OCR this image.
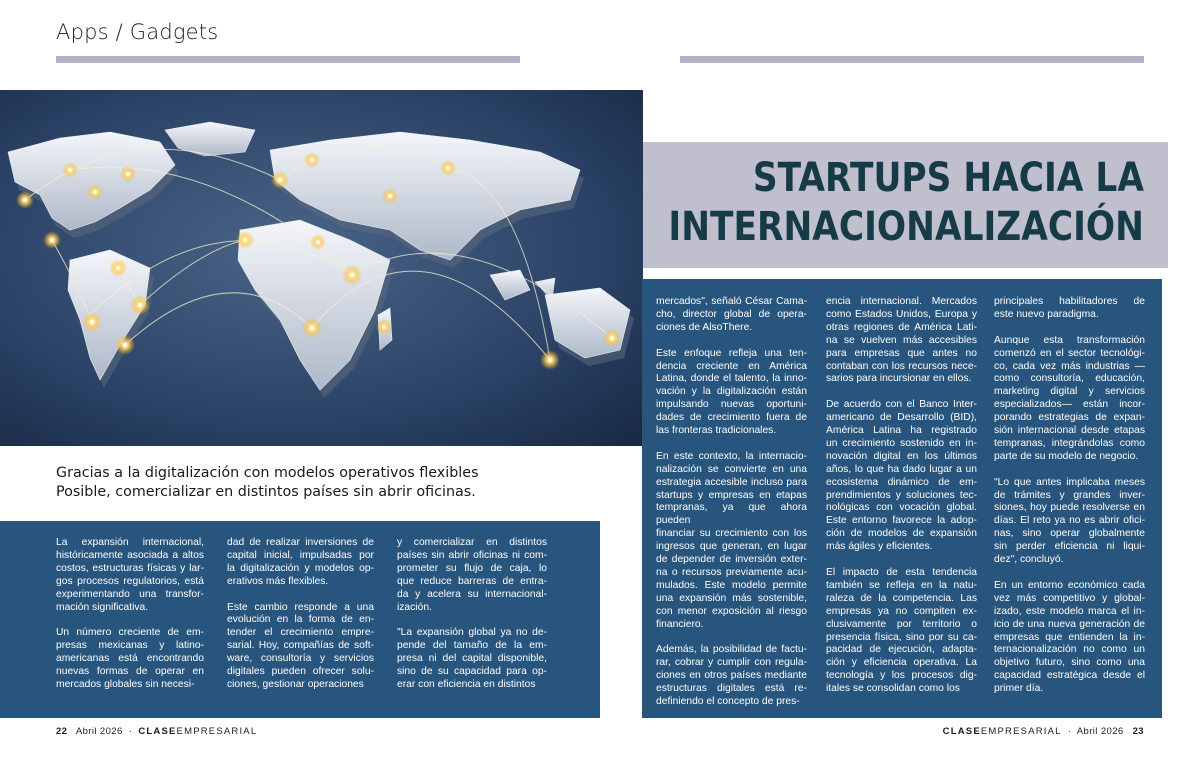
Apps / Gadgets
STARTUPS HACIA LA
INTERNACIONALIZACIÓN
Gracias a la digitalización con modelos operativos flexibles
Posible, comercializar en distintos países sin abrir oficinas.

La expansión internacional,
históricamente asociada a altos
costos, estructuras físicas y lar-
gos procesos regulatorios, está
experimentando una transfor-
mación significativa.

Un número creciente de em-
presas mexicanas y latino-
americanas está encontrando
nuevas formas de operar en
mercados globales sin necesi-

dad de realizar inversiones de
capital inicial, impulsadas por
la digitalización y modelos op-
erativos más flexibles.

Este cambio responde a una
evolución en la forma de en-
tender el crecimiento empre-
sarial. Hoy, compañías de soft-
ware, consultoría y servicios
digitales pueden ofrecer solu-
ciones, gestionar operaciones

y comercializar en distintos
países sin abrir oficinas ni com-
prometer su flujo de caja, lo
que reduce barreras de entra-
da y acelera su internacional-
ización.

"La expansión global ya no de-
pende del tamaño de la em-
presa ni del capital disponible,
sino de su capacidad para op-
erar con eficiencia en distintos

mercados", señaló César Cama-
cho, director global de opera-
ciones de AlsoThere.

Este enfoque refleja una ten-
dencia creciente en América
Latina, donde el talento, la inno-
vación y la digitalización están
impulsando nuevas oportuni-
dades de crecimiento fuera de
las fronteras tradicionales.

En este contexto, la internacio-
nalización se convierte en una
estrategia accesible incluso para
startups y empresas en etapas
tempranas, ya que ahora pueden
financiar su crecimiento con los
ingresos que generan, en lugar
de depender de inversión exter-
na o recursos previamente acu-
mulados. Este modelo permite
una expansión más sostenible,
con menor exposición al riesgo
financiero.

Además, la posibilidad de factu-
rar, cobrar y cumplir con regula-
ciones en otros países mediante
estructuras digitales está re-
definiendo el concepto de pres-

encia internacional. Mercados
como Estados Unidos, Europa y
otras regiones de América Lati-
na se vuelven más accesibles
para empresas que antes no
contaban con los recursos nece-
sarios para incursionar en ellos.

De acuerdo con el Banco Inter-
americano de Desarrollo (BID),
América Latina ha registrado
un crecimiento sostenido en in-
novación digital en los últimos
años, lo que ha dado lugar a un
ecosistema dinámico de em-
prendimientos y soluciones tec-
nológicas con vocación global.
Este entorno favorece la adop-
ción de modelos de expansión
más ágiles y eficientes.

El impacto de esta tendencia
también se refleja en la natu-
raleza de la competencia. Las
empresas ya no compiten ex-
clusivamente por territorio o
presencia física, sino por su ca-
pacidad de ejecución, adapta-
ción y eficiencia operativa. La
tecnología y los procesos dig-
itales se consolidan como los

principales habilitadores de
este nuevo paradigma.

Aunque esta transformación
comenzó en el sector tecnológi-
co, cada vez más industrias —
como consultoría, educación,
marketing digital y servicios
especializados— están incor-
porando estrategias de expan-
sión internacional desde etapas
tempranas, integrándolas como
parte de su modelo de negocio.

"Lo que antes implicaba meses
de trámites y grandes inver-
siones, hoy puede resolverse en
días. El reto ya no es abrir ofici-
nas, sino operar globalmente
sin perder eficiencia ni liqui-
dez", concluyó.

En un entorno económico cada
vez más competitivo y global-
izado, este modelo marca el in-
icio de una nueva generación de
empresas que entienden la in-
ternacionalización no como un
objetivo futuro, sino como una
capacidad estratégica desde el
primer día.

22 Abril 2026 · CLASEEMPRESARIAL	CLASEEMPRESARIAL · Abril 2026 23
